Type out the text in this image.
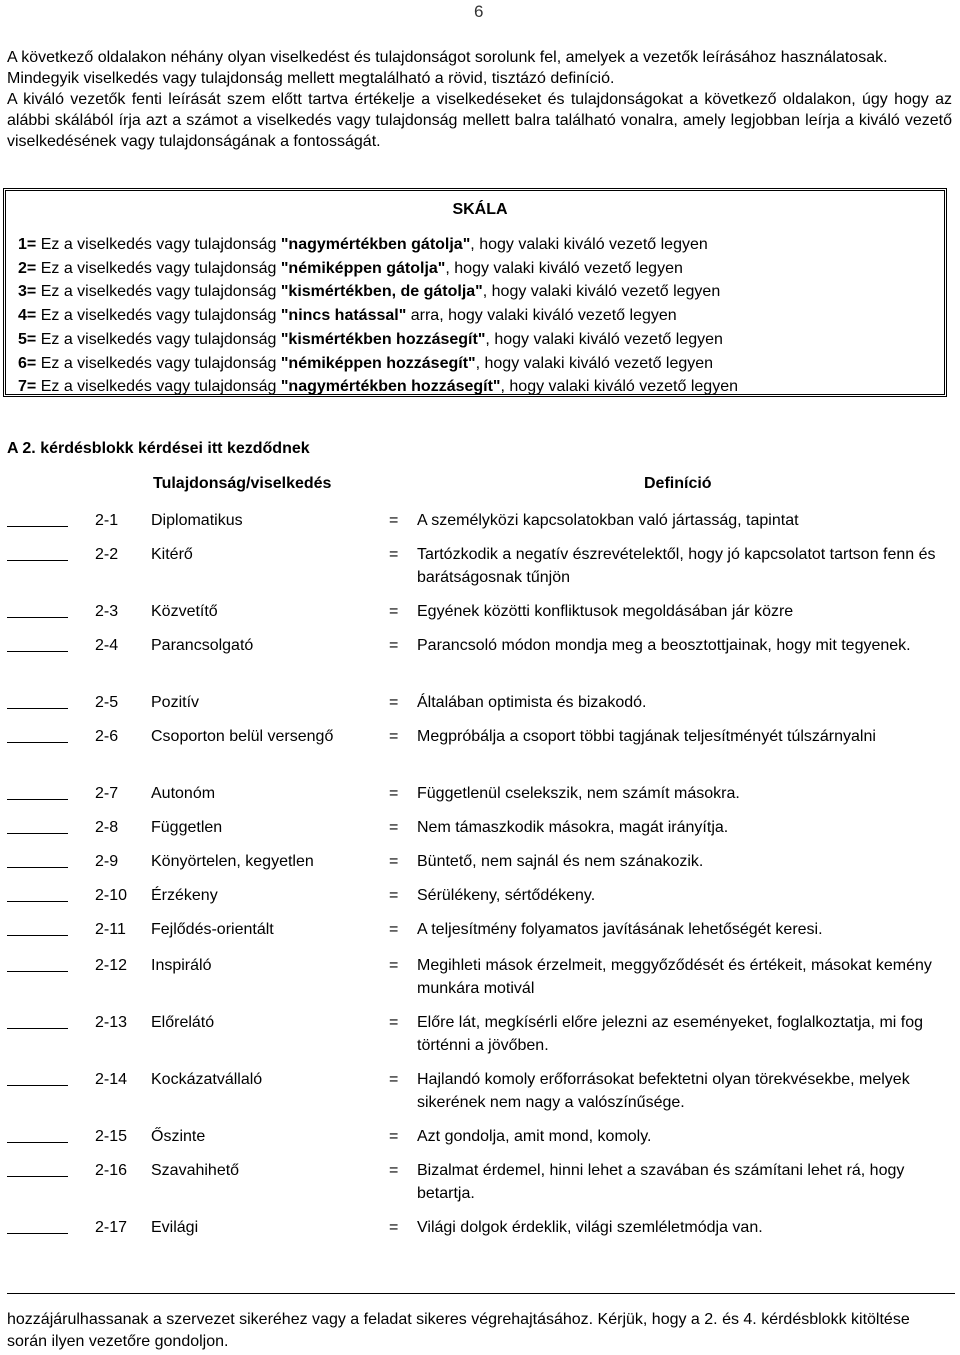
6
A következő oldalakon néhány olyan viselkedést és tulajdonságot sorolunk fel, amelyek a vezetők leírásához használatosak. Mindegyik viselkedés vagy tulajdonság mellett megtalálható a rövid, tisztázó definíció.
A kiváló vezetők fenti leírását szem előtt tartva értékelje a viselkedéseket és tulajdonságokat a következő oldalakon, úgy hogy az alábbi skálából írja azt a számot a viselkedés vagy tulajdonság mellett balra található vonalra, amely legjobban leírja a kiváló vezető viselkedésének vagy tulajdonságának a fontosságát.
SKÁLA
1= Ez a viselkedés vagy tulajdonság "nagymértékben gátolja", hogy valaki kiváló vezető legyen
2= Ez a viselkedés vagy tulajdonság "némiképpen gátolja", hogy valaki kiváló vezető legyen
3= Ez a viselkedés vagy tulajdonság "kismértékben, de gátolja", hogy valaki kiváló vezető legyen
4= Ez a viselkedés vagy tulajdonság "nincs hatással" arra, hogy valaki kiváló vezető legyen
5= Ez a viselkedés vagy tulajdonság "kismértékben hozzásegít", hogy valaki kiváló vezető legyen
6= Ez a viselkedés vagy tulajdonság "némiképpen hozzásegít", hogy valaki kiváló vezető legyen
7= Ez a viselkedés vagy tulajdonság "nagymértékben hozzásegít", hogy valaki kiváló vezető legyen
A 2. kérdésblokk kérdései itt kezdődnek
Tulajdonság/viselkedés	Definíció
2-1 Diplomatikus	= A személyközi kapcsolatokban való jártasság, tapintat
2-2 Kitérő	= Tartózkodik a negatív észrevételektől, hogy jó kapcsolatot tartson fenn és barátságosnak tűnjön
2-3 Közvetítő	= Egyének közötti konfliktusok megoldásában jár közre
2-4 Parancsolgató	= Parancsoló módon mondja meg a beosztottjainak, hogy mit tegyenek.
2-5 Pozitív	= Általában optimista és bizakodó.
2-6 Csoporton belül versengő	= Megpróbálja a csoport többi tagjának teljesítményét túlszárnyalni
2-7 Autonóm	= Függetlenül cselekszik, nem számít másokra.
2-8 Független	= Nem támaszkodik másokra, magát irányítja.
2-9 Könyörtelen, kegyetlen	= Büntető, nem sajnál és nem szánakozik.
2-10 Érzékeny	= Sérülékeny, sértődékeny.
2-11 Fejlődés-orientált	= A teljesítmény folyamatos javításának lehetőségét keresi.
2-12 Inspiráló	= Megihleti mások érzelmeit, meggyőződését és értékeit, másokat kemény munkára motivál
2-13 Előrelátó	= Előre lát, megkísérli előre jelezni az eseményeket, foglalkoztatja, mi fog történni a jövőben.
2-14 Kockázatvállaló	= Hajlandó komoly erőforrásokat befektetni olyan törekvésekbe, melyek sikerének nem nagy a valószínűsége.
2-15 Őszinte	= Azt gondolja, amit mond, komoly.
2-16 Szavahihető	= Bizalmat érdemel, hinni lehet a szavában és számítani lehet rá, hogy betartja.
2-17 Evilági	= Világi dolgok érdeklik, világi szemléletmódja van.
hozzájárulhassanak a szervezet sikeréhez vagy a feladat sikeres végrehajtásához. Kérjük, hogy a 2. és 4. kérdésblokk kitöltése során ilyen vezetőre gondoljon.
